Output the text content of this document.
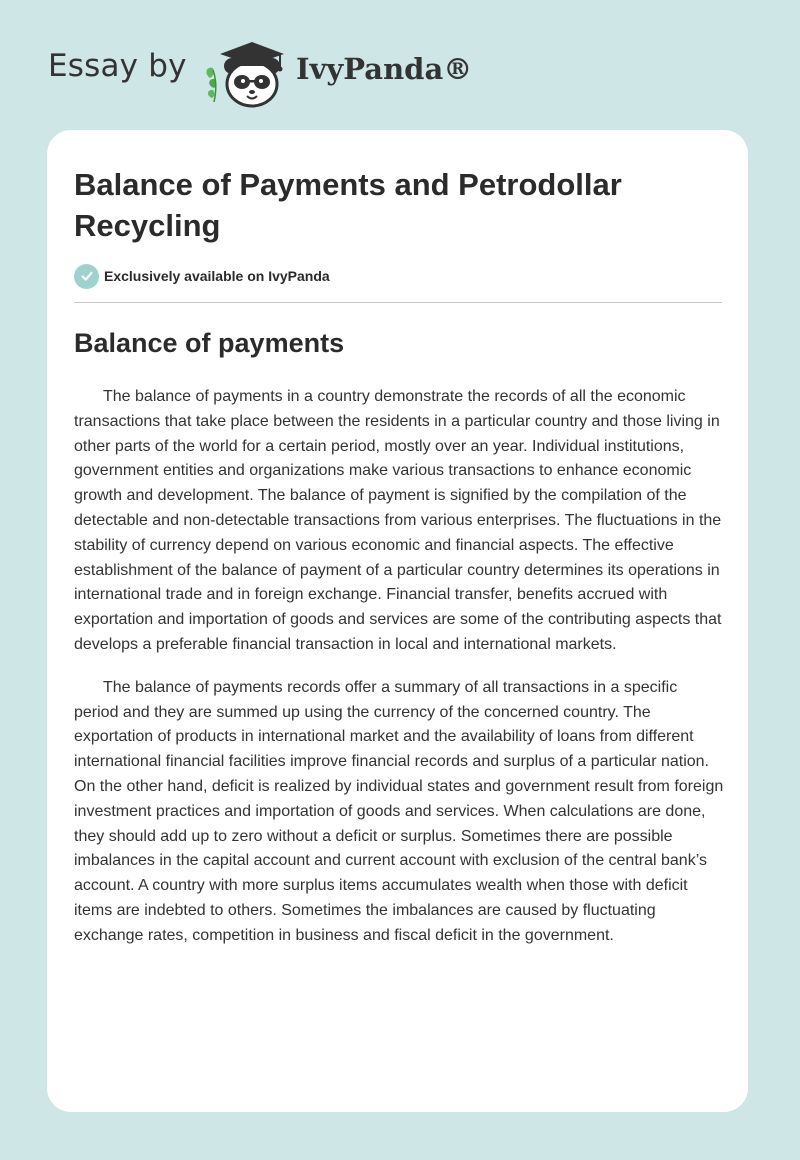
Essay by	IvyPanda®
Balance of Payments and Petrodollar Recycling
Exclusively available on IvyPanda
Balance of payments

The balance of payments in a country demonstrate the records of all the economic transactions that take place between the residents in a particular country and those living in other parts of the world for a certain period, mostly over an year. Individual institutions, government entities and organizations make various transactions to enhance economic growth and development. The balance of payment is signified by the compilation of the detectable and non-detectable transactions from various enterprises. The fluctuations in the stability of currency depend on various economic and financial aspects. The effective establishment of the balance of payment of a particular country determines its operations in international trade and in foreign exchange. Financial transfer, benefits accrued with exportation and importation of goods and services are some of the contributing aspects that develops a preferable financial transaction in local and international markets.

The balance of payments records offer a summary of all transactions in a specific period and they are summed up using the currency of the concerned country. The exportation of products in international market and the availability of loans from different international financial facilities improve financial records and surplus of a particular nation. On the other hand, deficit is realized by individual states and government result from foreign investment practices and importation of goods and services. When calculations are done, they should add up to zero without a deficit or surplus. Sometimes there are possible imbalances in the capital account and current account with exclusion of the central bank’s account. A country with more surplus items accumulates wealth when those with deficit items are indebted to others. Sometimes the imbalances are caused by fluctuating exchange rates, competition in business and fiscal deficit in the government.
